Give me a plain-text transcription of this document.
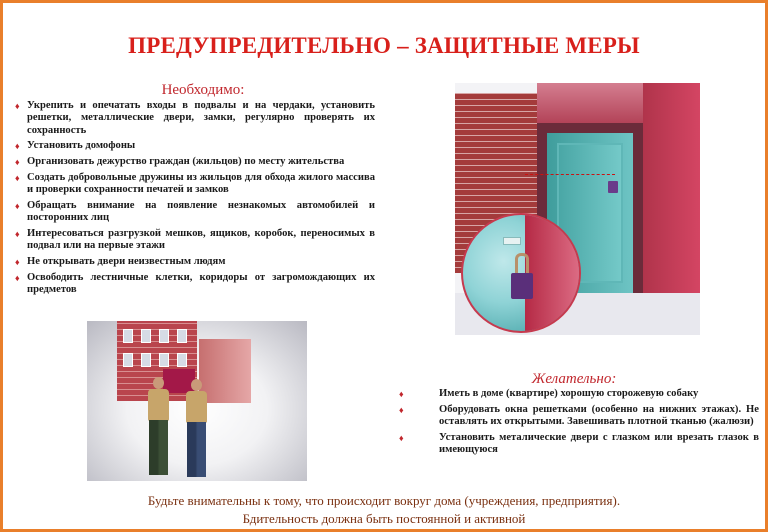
ПРЕДУПРЕДИТЕЛЬНО – ЗАЩИТНЫЕ МЕРЫ
Необходимо:
♦ Укрепить и опечатать входы в подвалы и на чердаки, установить решетки, металлические двери, замки, регулярно проверять их сохранность
♦ Установить домофоны
♦ Организовать дежурство граждан (жильцов) по месту жительства
♦ Создать добровольные дружины из жильцов для обхода жилого массива и проверки сохранности печатей и замков
♦ Обращать внимание на появление незнакомых автомобилей и посторонних лиц
♦ Интересоваться разгрузкой мешков, ящиков, коробок, переносимых в подвал или на первые этажи
♦ Не открывать двери неизвестным людям
♦ Освободить лестничные клетки, коридоры от загромождающих их предметов
Желательно:
♦	Иметь в доме (квартире) хорошую сторожевую собаку
♦	Оборудовать окна решетками (особенно на нижних этажах). Не оставлять их открытыми. Завешивать плотной тканью (жалюзи)
♦	Установить металические двери с глазком или врезать глазок в имеющуюся
Будьте внимательны к тому, что происходит вокруг дома (учреждения, предприятия).
Бдительность должна быть постоянной и активной
